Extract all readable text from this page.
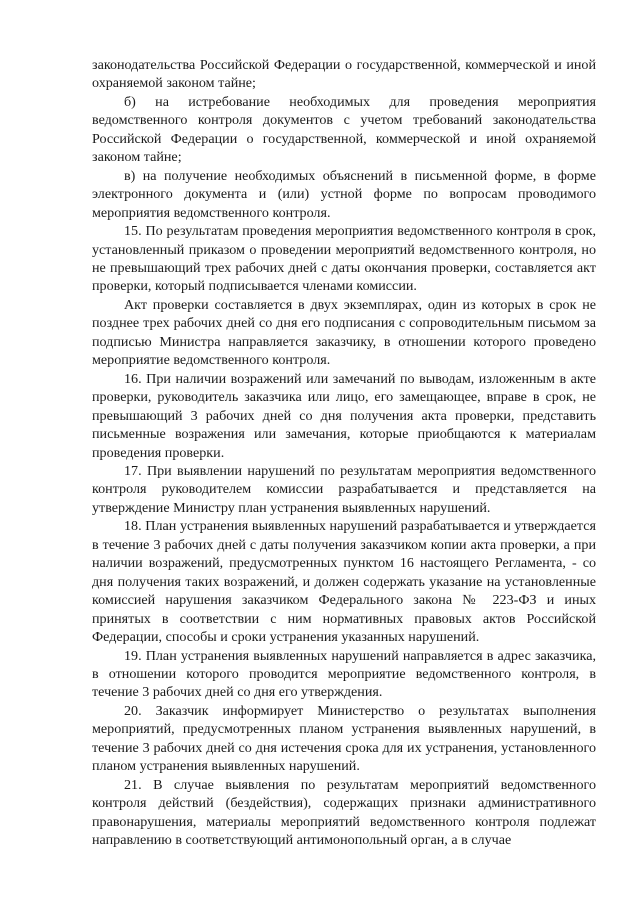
законодательства Российской Федерации о государственной, коммерческой и иной охраняемой законом тайне;

б) на истребование необходимых для проведения мероприятия ведомственного контроля документов с учетом требований законодательства Российской Федерации о государственной, коммерческой и иной охраняемой законом тайне;

в) на получение необходимых объяснений в письменной форме, в форме электронного документа и (или) устной форме по вопросам проводимого мероприятия ведомственного контроля.

15. По результатам проведения мероприятия ведомственного контроля в срок, установленный приказом о проведении мероприятий ведомственного контроля, но не превышающий трех рабочих дней с даты окончания проверки, составляется акт проверки, который подписывается членами комиссии.

Акт проверки составляется в двух экземплярах, один из которых в срок не позднее трех рабочих дней со дня его подписания с сопроводительным письмом за подписью Министра направляется заказчику, в отношении которого проведено мероприятие ведомственного контроля.

16. При наличии возражений или замечаний по выводам, изложенным в акте проверки, руководитель заказчика или лицо, его замещающее, вправе в срок, не превышающий 3 рабочих дней со дня получения акта проверки, представить письменные возражения или замечания, которые приобщаются к материалам проведения проверки.

17. При выявлении нарушений по результатам мероприятия ведомственного контроля руководителем комиссии разрабатывается и представляется на утверждение Министру план устранения выявленных нарушений.

18. План устранения выявленных нарушений разрабатывается и утверждается в течение 3 рабочих дней с даты получения заказчиком копии акта проверки, а при наличии возражений, предусмотренных пунктом 16 настоящего Регламента, - со дня получения таких возражений, и должен содержать указание на установленные комиссией нарушения заказчиком Федерального закона № 223-ФЗ и иных принятых в соответствии с ним нормативных правовых актов Российской Федерации, способы и сроки устранения указанных нарушений.

19. План устранения выявленных нарушений направляется в адрес заказчика, в отношении которого проводится мероприятие ведомственного контроля, в течение 3 рабочих дней со дня его утверждения.

20. Заказчик информирует Министерство о результатах выполнения мероприятий, предусмотренных планом устранения выявленных нарушений, в течение 3 рабочих дней со дня истечения срока для их устранения, установленного планом устранения выявленных нарушений.

21. В случае выявления по результатам мероприятий ведомственного контроля действий (бездействия), содержащих признаки административного правонарушения, материалы мероприятий ведомственного контроля подлежат направлению в соответствующий антимонопольный орган, а в случае
